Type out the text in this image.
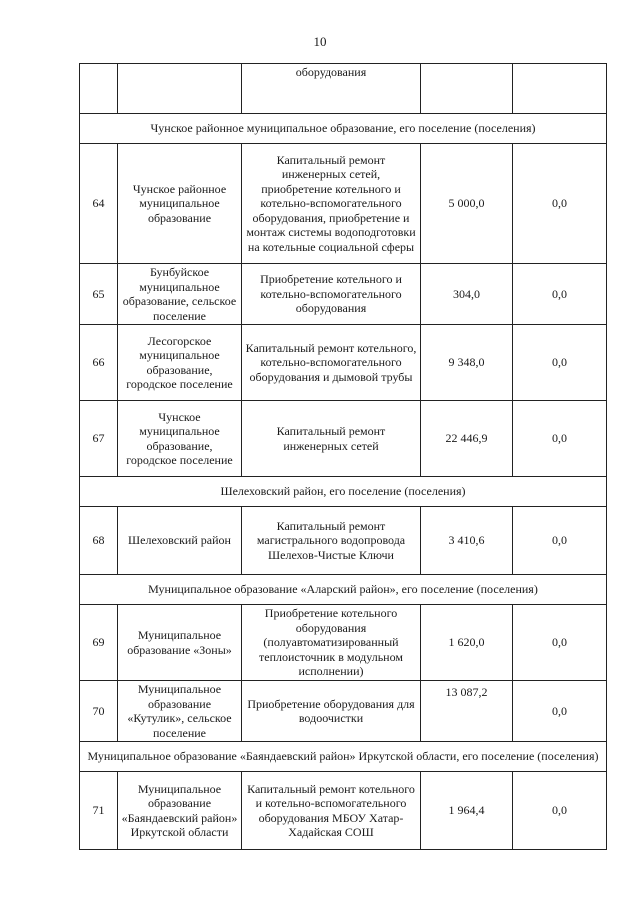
10
		оборудования		
Чунское районное муниципальное образование, его поселение (поселения)				
64	Чунское районное муниципальное образование	Капитальный ремонт инженерных сетей, приобретение котельного и котельно-вспомогательного оборудования, приобретение и монтаж системы водоподготовки на котельные социальной сферы	5 000,0	0,0
65	Бунбуйское муниципальное образование, сельское поселение	Приобретение котельного и котельно-вспомогательного оборудования	304,0	0,0
66	Лесогорское муниципальное образование, городское поселение	Капитальный ремонт котельного, котельно-вспомогательного оборудования и дымовой трубы	9 348,0	0,0
67	Чунское муниципальное образование, городское поселение	Капитальный ремонт инженерных сетей	22 446,9	0,0
Шелеховский район, его поселение (поселения)				
68	Шелеховский район	Капитальный ремонт магистрального водопровода Шелехов-Чистые Ключи	3 410,6	0,0
Муниципальное образование «Аларский район», его поселение (поселения)				
69	Муниципальное образование «Зоны»	Приобретение котельного оборудования (полуавтоматизированный теплоисточник в модульном исполнении)	1 620,0	0,0
70	Муниципальное образование «Кутулик», сельское поселение	Приобретение оборудования для водоочистки	13 087,2	0,0
Муниципальное образование «Баяндаевский район» Иркутской области, его поселение (поселения)				
71	Муниципальное образование «Баяндаевский район» Иркутской области	Капитальный ремонт котельного и котельно-вспомогательного оборудования МБОУ Хатар-Хадайская СОШ	1 964,4	0,0
